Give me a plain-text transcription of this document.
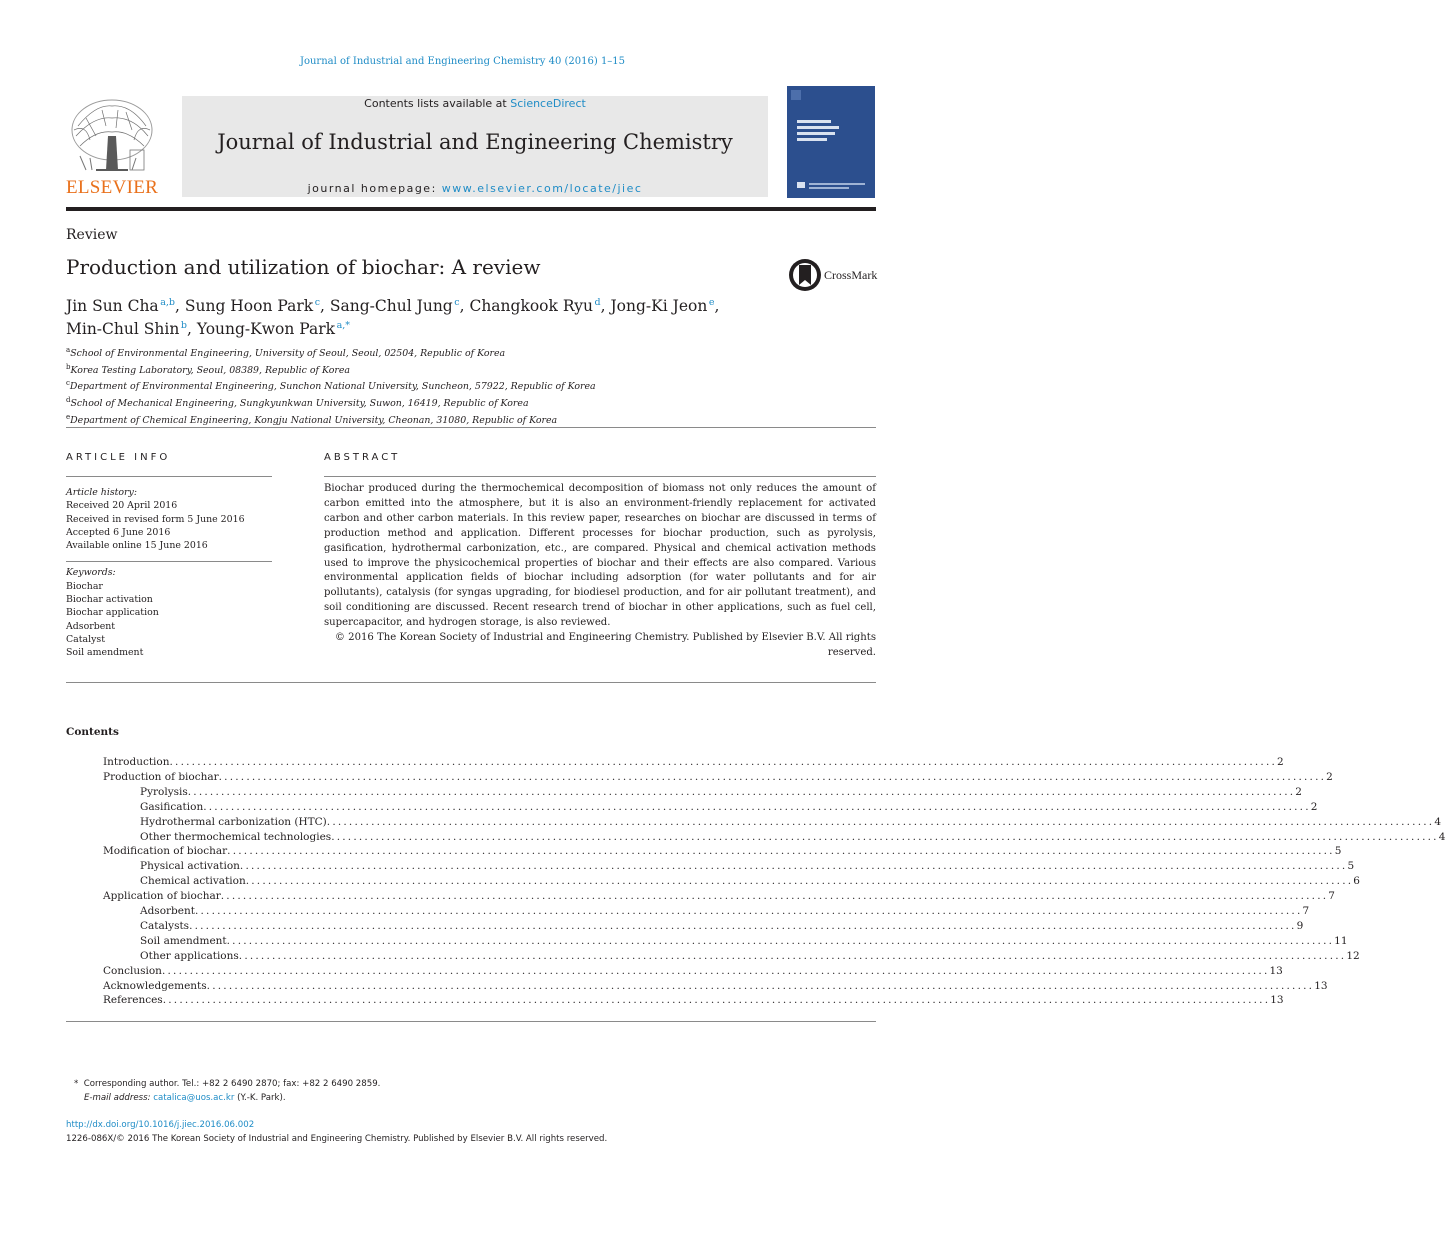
Journal of Industrial and Engineering Chemistry 40 (2016) 1–15
ELSEVIER
Contents lists available at ScienceDirect
Journal of Industrial and Engineering Chemistry
journal homepage: www.elsevier.com/locate/jiec
Review
Production and utilization of biochar: A review	CrossMark
Jin Sun Cha  $^{a,b}$, Sung Hoon Park  $^c$, Sang-Chul Jung  $^c$, Changkook Ryu  $^d$, Jong-Ki Jeon  $^e$,
Min-Chul Shin  $^b$, Young-Kwon Park  $^{a,*}$
$^a$School of Environmental Engineering, University of Seoul, Seoul, 02504, Republic of Korea
$^b$Korea Testing Laboratory, Seoul, 08389, Republic of Korea
$^c$Department of Environmental Engineering, Sunchon National University, Suncheon, 57922, Republic of Korea
$^d$School of Mechanical Engineering, Sungkyunkwan University, Suwon, 16419, Republic of Korea
$^e$Department of Chemical Engineering, Kongju National University, Cheonan, 31080, Republic of Korea
ARTICLE INFO
Article history:
Received 20 April 2016
Received in revised form 5 June 2016
Accepted 6 June 2016
Available online 15 June 2016
Keywords:
Biochar
Biochar activation
Biochar application
Adsorbent
Catalyst
Soil amendment
ABSTRACT
Biochar produced during the thermochemical decomposition of biomass not only reduces the amount of carbon emitted into the atmosphere, but it is also an environment-friendly replacement for activated carbon and other carbon materials. In this review paper, researches on biochar are discussed in terms of production method and application. Different processes for biochar production, such as pyrolysis, gasification, hydrothermal carbonization, etc., are compared. Physical and chemical activation methods used to improve the physicochemical properties of biochar and their effects are also compared. Various environmental application fields of biochar including adsorption (for water pollutants and for air pollutants), catalysis (for syngas upgrading, for biodiesel production, and for air pollutant treatment), and soil conditioning are discussed. Recent research trend of biochar in other applications, such as fuel cell, supercapacitor, and hydrogen storage, is also reviewed.
© 2016 The Korean Society of Industrial and Engineering Chemistry. Published by Elsevier B.V. All rights reserved.
Contents
Introduction ........................................................................................................................................................................................................ 2
Production of biochar ........................................................................................................................................................................................................ 2
Pyrolysis ........................................................................................................................................................................................................ 2
Gasification ........................................................................................................................................................................................................ 2
Hydrothermal carbonization (HTC) ........................................................................................................................................................................................................ 4
Other thermochemical technologies ........................................................................................................................................................................................................ 4
Modification of biochar ........................................................................................................................................................................................................ 5
Physical activation ........................................................................................................................................................................................................ 5
Chemical activation ........................................................................................................................................................................................................ 6
Application of biochar ........................................................................................................................................................................................................ 7
Adsorbent ........................................................................................................................................................................................................ 7
Catalysts ........................................................................................................................................................................................................ 9
Soil amendment ........................................................................................................................................................................................................ 11
Other applications ........................................................................................................................................................................................................ 12
Conclusion ........................................................................................................................................................................................................ 13
Acknowledgements ........................................................................................................................................................................................................ 13
References ........................................................................................................................................................................................................ 13
* Corresponding author. Tel.: +82 2 6490 2870; fax: +82 2 6490 2859.
E-mail address: catalica@uos.ac.kr (Y.-K. Park).
http://dx.doi.org/10.1016/j.jiec.2016.06.002
1226-086X/© 2016 The Korean Society of Industrial and Engineering Chemistry. Published by Elsevier B.V. All rights reserved.
